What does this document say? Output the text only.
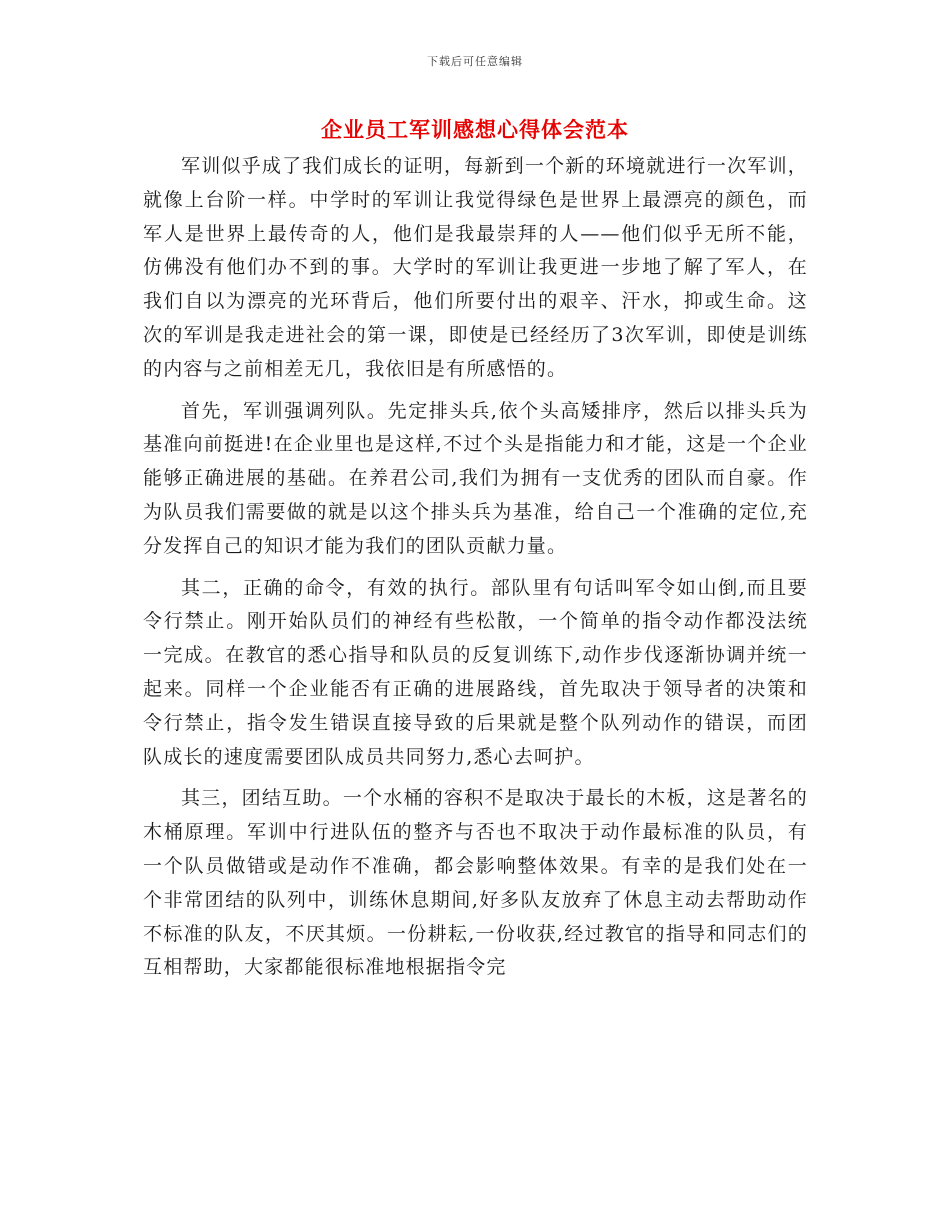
下载后可任意编辑
企业员工军训感想心得体会范本

军训似乎成了我们成长的证明，每新到一个新的环境就进行一次军训，就像上台阶一样。中学时的军训让我觉得绿色是世界上最漂亮的颜色，而军人是世界上最传奇的人，他们是我最崇拜的人——他们似乎无所不能，仿佛没有他们办不到的事。大学时的军训让我更进一步地了解了军人，在我们自以为漂亮的光环背后，他们所要付出的艰辛、汗水，抑或生命。这次的军训是我走进社会的第一课，即使是已经经历了3次军训，即使是训练的内容与之前相差无几，我依旧是有所感悟的。

首先，军训强调列队。先定排头兵,依个头高矮排序，然后以排头兵为基准向前挺进!在企业里也是这样,不过个头是指能力和才能，这是一个企业能够正确进展的基础。在养君公司,我们为拥有一支优秀的团队而自豪。作为队员我们需要做的就是以这个排头兵为基准，给自己一个准确的定位,充分发挥自己的知识才能为我们的团队贡献力量。

其二，正确的命令，有效的执行。部队里有句话叫军令如山倒,而且要令行禁止。刚开始队员们的神经有些松散，一个简单的指令动作都没法统一完成。在教官的悉心指导和队员的反复训练下,动作步伐逐渐协调并统一起来。同样一个企业能否有正确的进展路线，首先取决于领导者的决策和令行禁止，指令发生错误直接导致的后果就是整个队列动作的错误，而团队成长的速度需要团队成员共同努力,悉心去呵护。

其三，团结互助。一个水桶的容积不是取决于最长的木板，这是著名的木桶原理。军训中行进队伍的整齐与否也不取决于动作最标准的队员，有一个队员做错或是动作不准确，都会影响整体效果。有幸的是我们处在一个非常团结的队列中，训练休息期间,好多队友放弃了休息主动去帮助动作不标准的队友，不厌其烦。一份耕耘,一份收获,经过教官的指导和同志们的互相帮助，大家都能很标准地根据指令完
